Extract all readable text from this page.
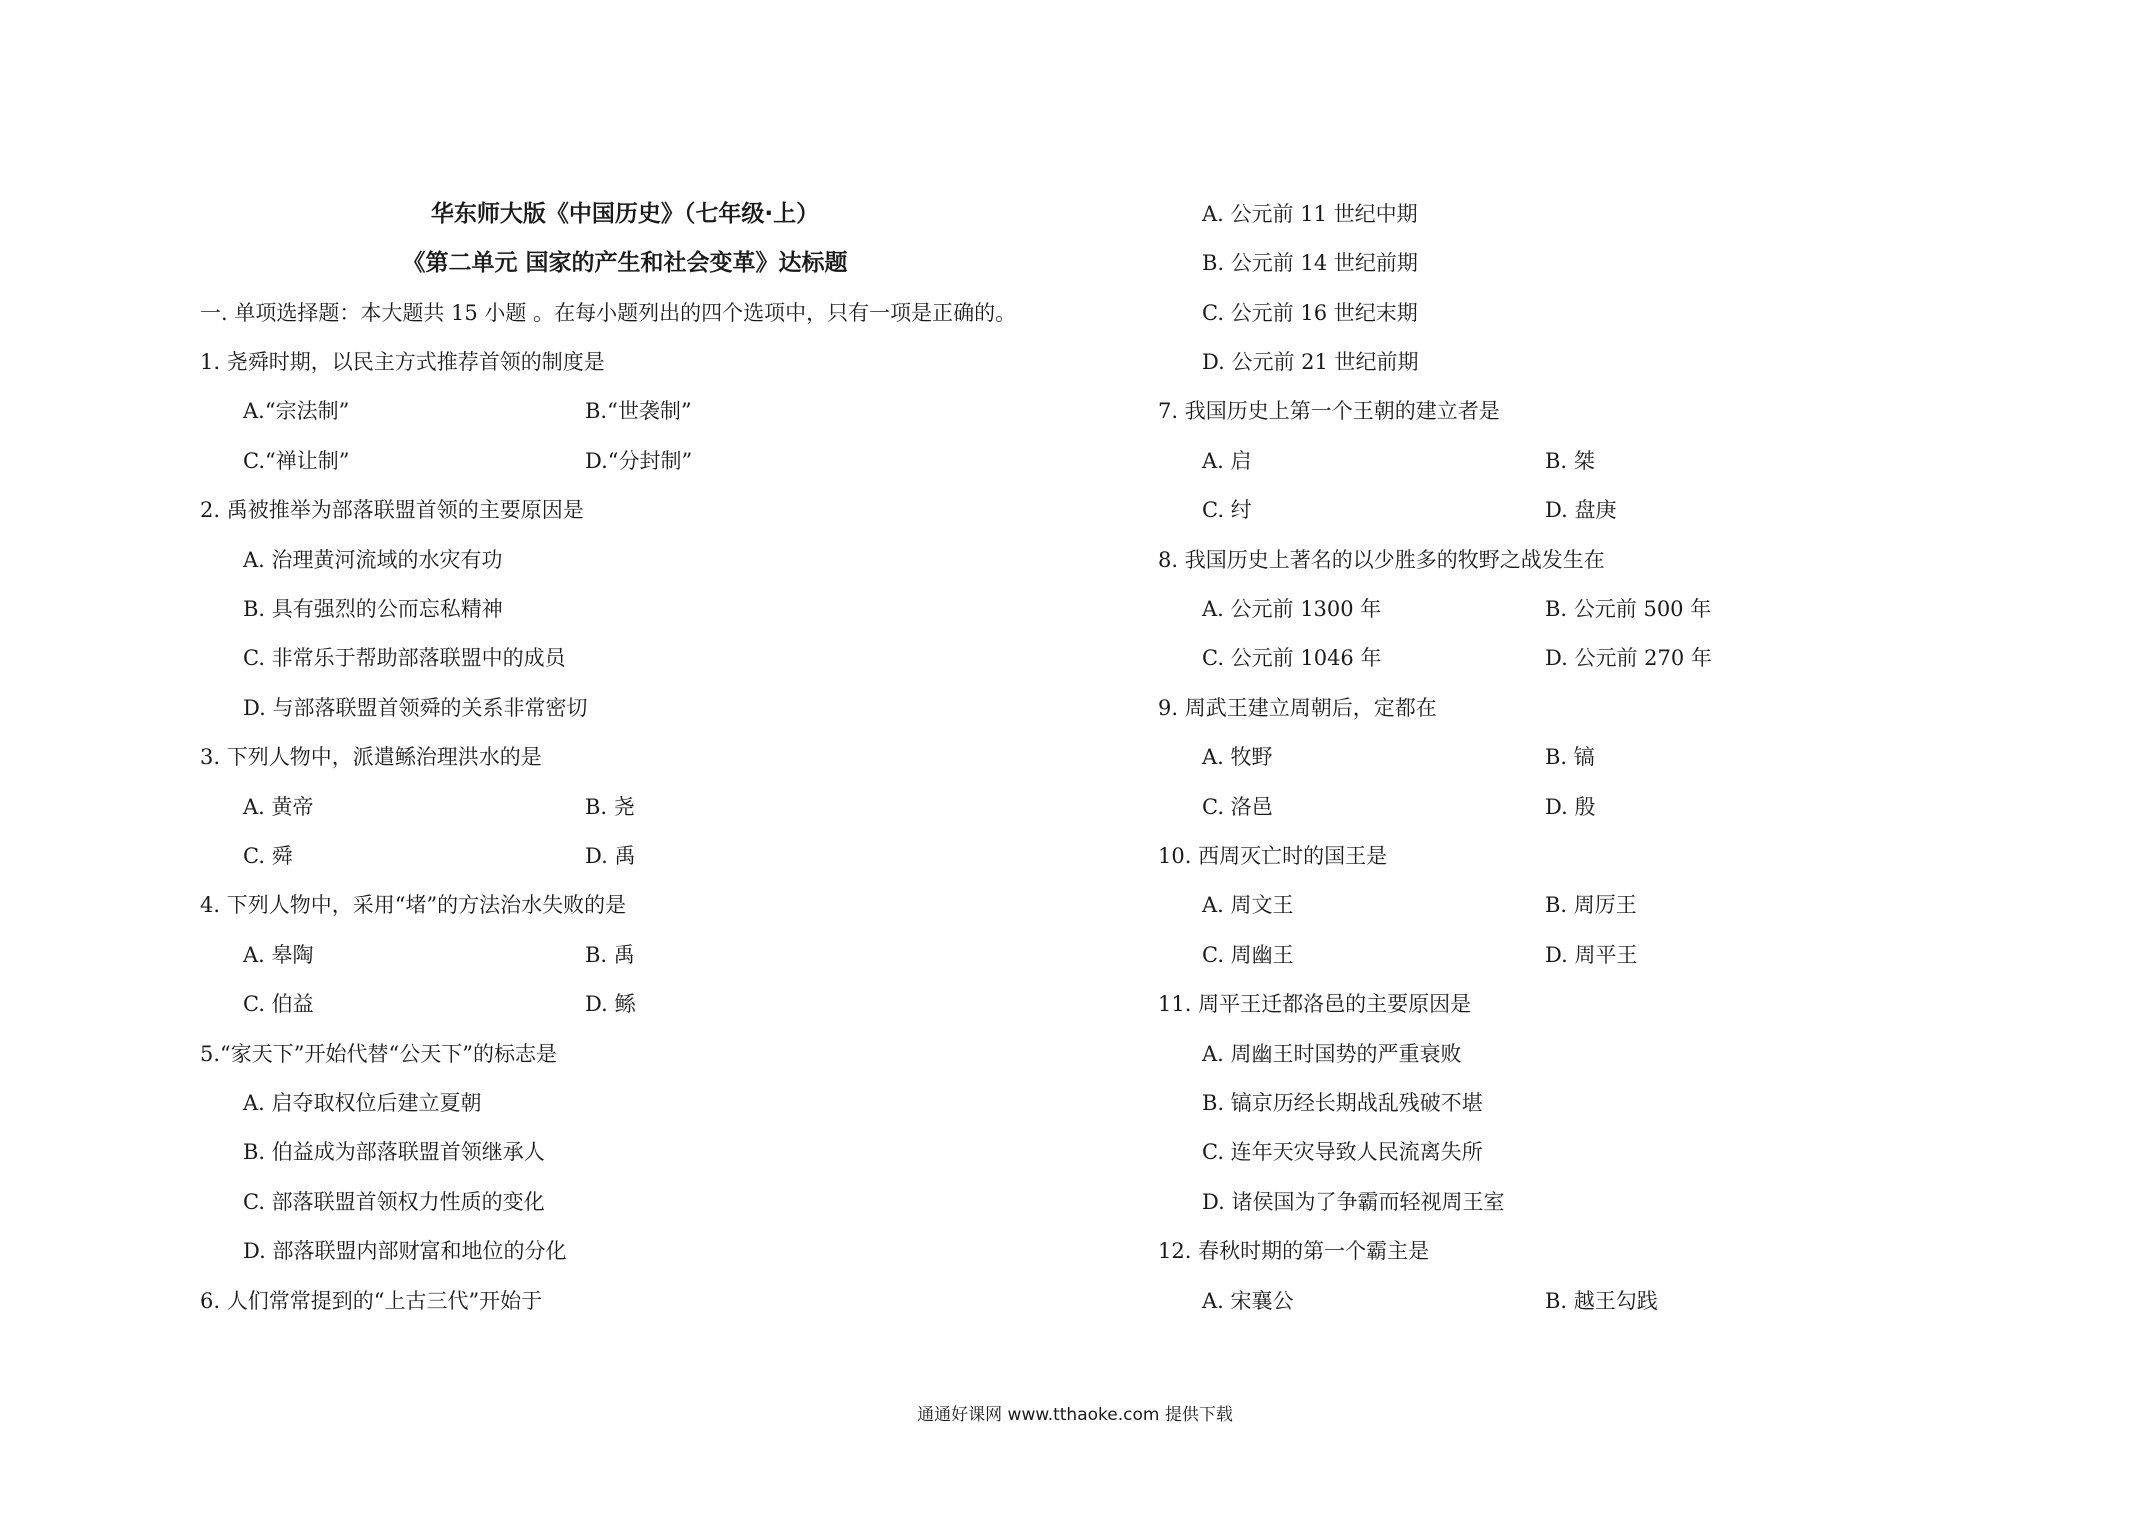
华东师大版《中国历史》（七年级·上）
《第二单元 国家的产生和社会变革》达标题
一. 单项选择题：本大题共 15 小题 。在每小题列出的四个选项中，只有一项是正确的。
1. 尧舜时期，以民主方式推荐首领的制度是
A.“宗法制”	B.“世袭制”
C.“禅让制”	D.“分封制”
2. 禹被推举为部落联盟首领的主要原因是
A. 治理黄河流域的水灾有功
B. 具有强烈的公而忘私精神
C. 非常乐于帮助部落联盟中的成员
D. 与部落联盟首领舜的关系非常密切
3. 下列人物中，派遣鲧治理洪水的是
A. 黄帝	B. 尧
C. 舜	D. 禹
4. 下列人物中，采用“堵”的方法治水失败的是
A. 皋陶	B. 禹
C. 伯益	D. 鲧
5.“家天下”开始代替“公天下”的标志是
A. 启夺取权位后建立夏朝
B. 伯益成为部落联盟首领继承人
C. 部落联盟首领权力性质的变化
D. 部落联盟内部财富和地位的分化
6. 人们常常提到的“上古三代”开始于
A. 公元前 11 世纪中期
B. 公元前 14 世纪前期
C. 公元前 16 世纪末期
D. 公元前 21 世纪前期
7. 我国历史上第一个王朝的建立者是
A. 启	B. 桀
C. 纣	D. 盘庚
8. 我国历史上著名的以少胜多的牧野之战发生在
A. 公元前 1300 年	B. 公元前 500 年
C. 公元前 1046 年	D. 公元前 270 年
9. 周武王建立周朝后，定都在
A. 牧野	B. 镐
C. 洛邑	D. 殷
10. 西周灭亡时的国王是
A. 周文王	B. 周厉王
C. 周幽王	D. 周平王
11. 周平王迁都洛邑的主要原因是
A. 周幽王时国势的严重衰败
B. 镐京历经长期战乱残破不堪
C. 连年天灾导致人民流离失所
D. 诸侯国为了争霸而轻视周王室
12. 春秋时期的第一个霸主是
A. 宋襄公	B. 越王勾践
通通好课网 www.tthaoke.com 提供下载
